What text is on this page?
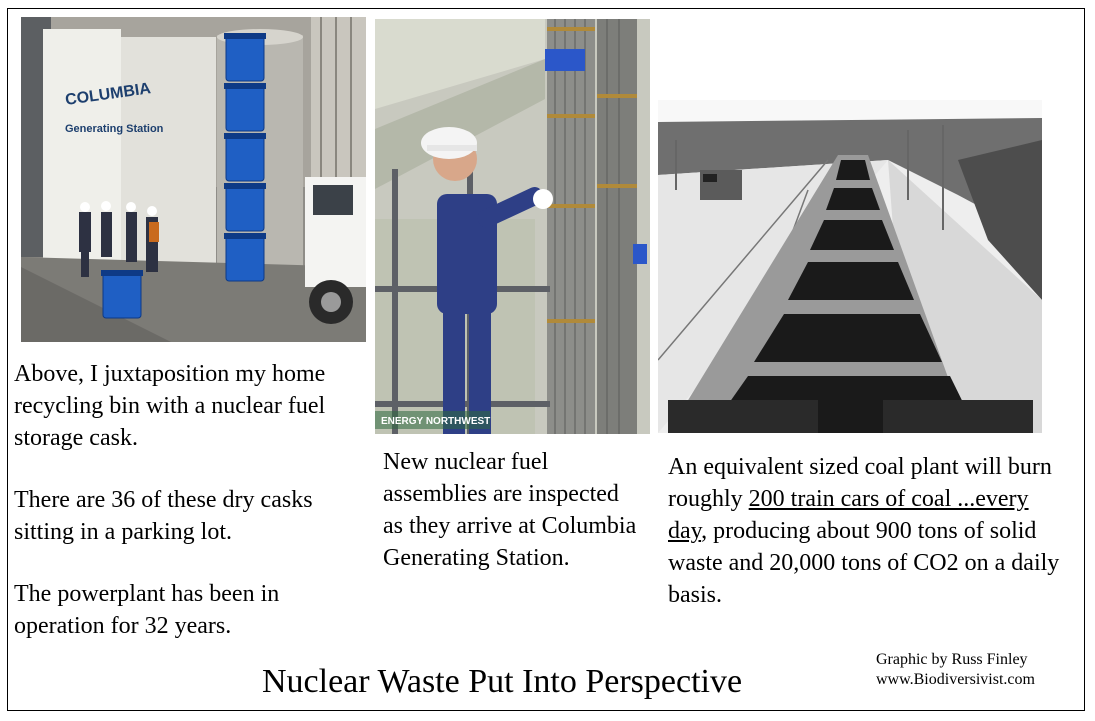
COLUMBIA
Generating Station
ENERGY NORTHWEST

Above, I juxtaposition my home recycling bin with a nuclear fuel storage cask.

There are 36 of these dry casks sitting in a parking lot.

The powerplant has been in operation for 32 years.

New nuclear fuel assemblies are inspected as they arrive at Columbia Generating Station.

An equivalent sized coal plant will burn roughly 200 train cars of coal ...every day, producing about 900 tons of solid waste and 20,000 tons of CO2 on a daily basis.

Nuclear Waste Put Into Perspective
Graphic by Russ Finley
www.Biodiversivist.com
